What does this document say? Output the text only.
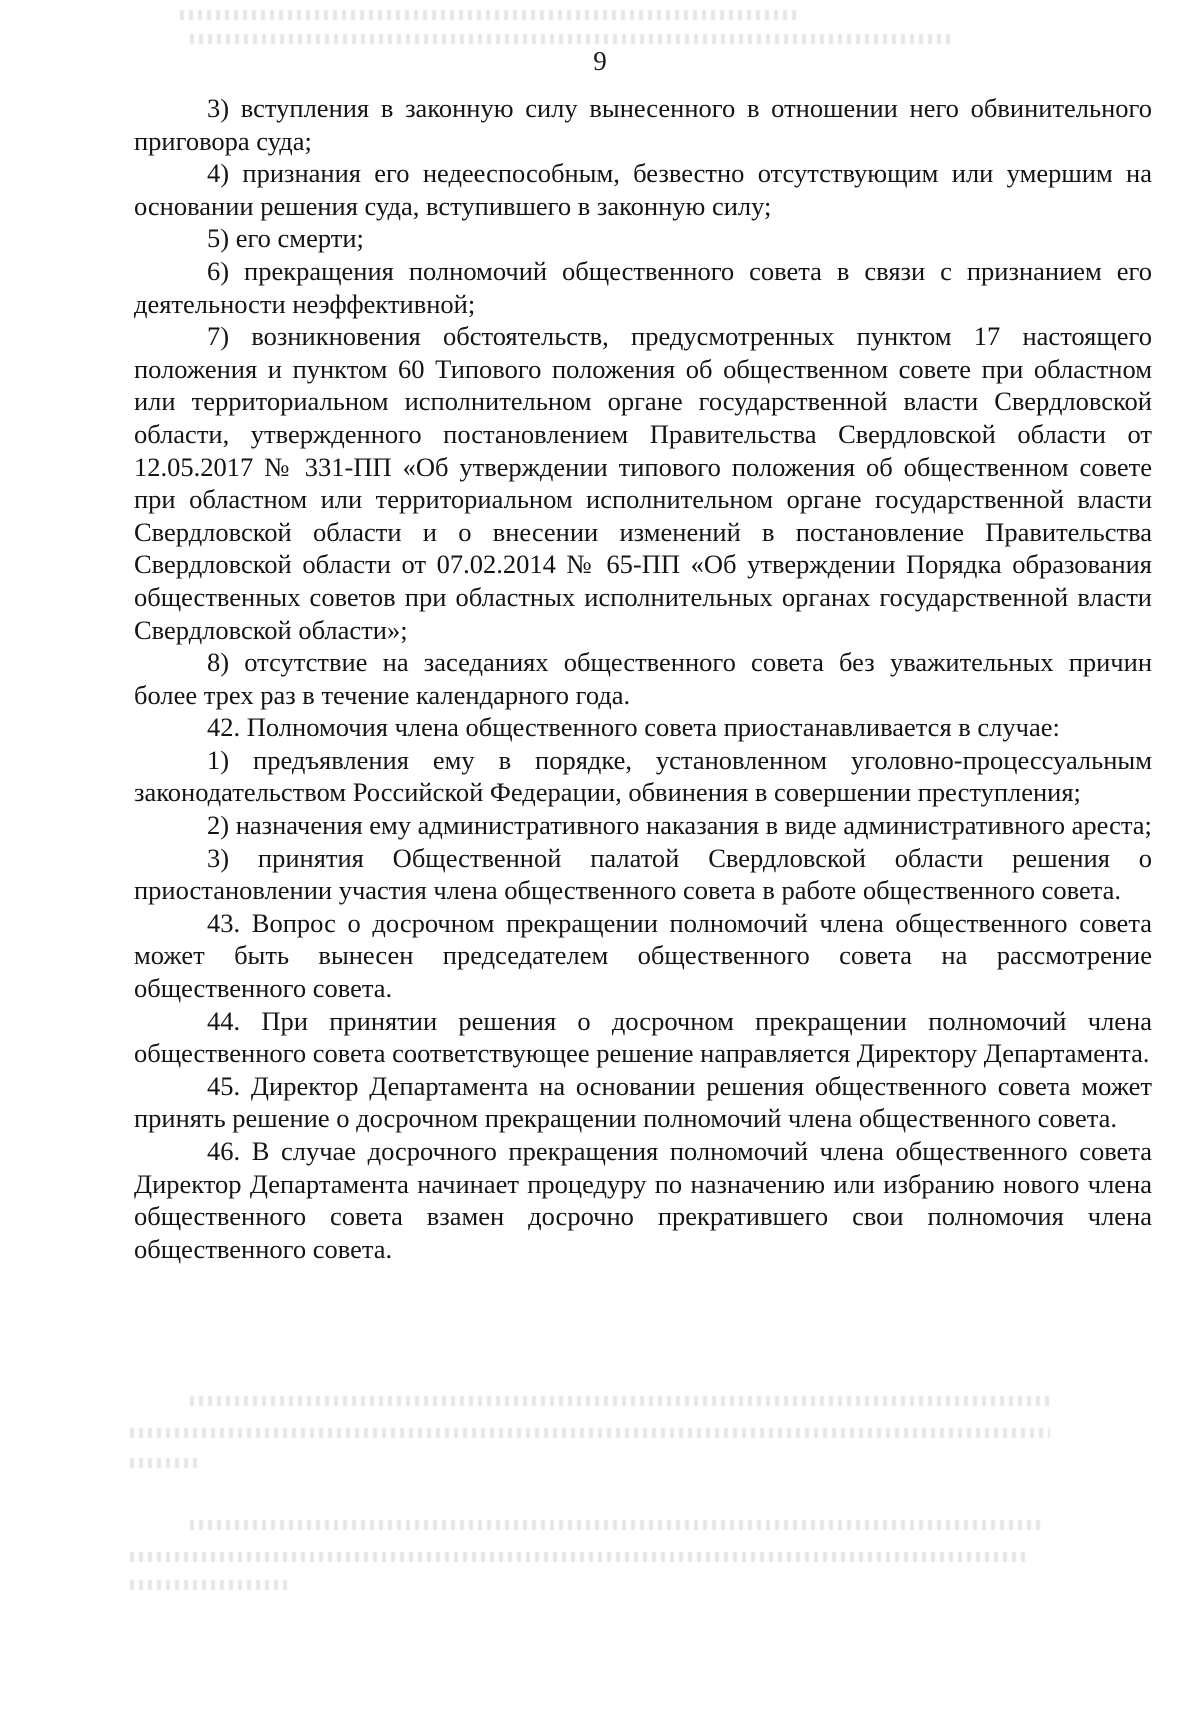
9

3) вступления в законную силу вынесенного в отношении него обвинительного приговора суда;

4) признания его недееспособным, безвестно отсутствующим или умершим на основании решения суда, вступившего в законную силу;

5) его смерти;

6) прекращения полномочий общественного совета в связи с признанием его деятельности неэффективной;

7) возникновения обстоятельств, предусмотренных пунктом 17 настоящего положения и пунктом 60 Типового положения об общественном совете при областном или территориальном исполнительном органе государственной власти Свердловской области, утвержденного постановлением Правительства Свердловской области от 12.05.2017 № 331-ПП «Об утверждении типового положения об общественном совете при областном или территориальном исполнительном органе государственной власти Свердловской области и о внесении изменений в постановление Правительства Свердловской области от 07.02.2014 № 65-ПП «Об утверждении Порядка образования общественных советов при областных исполнительных органах государственной власти Свердловской области»;

8) отсутствие на заседаниях общественного совета без уважительных причин более трех раз в течение календарного года.

42. Полномочия члена общественного совета приостанавливается в случае:

1) предъявления ему в порядке, установленном уголовно-процессуальным законодательством Российской Федерации, обвинения в совершении преступления;

2) назначения ему административного наказания в виде административного ареста;

3) принятия Общественной палатой Свердловской области решения о приостановлении участия члена общественного совета в работе общественного совета.

43. Вопрос о досрочном прекращении полномочий члена общественного совета может быть вынесен председателем общественного совета на рассмотрение общественного совета.

44. При принятии решения о досрочном прекращении полномочий члена общественного совета соответствующее решение направляется Директору Департамента.

45. Директор Департамента на основании решения общественного совета может принять решение о досрочном прекращении полномочий члена общественного совета.

46. В случае досрочного прекращения полномочий члена общественного совета Директор Департамента начинает процедуру по назначению или избранию нового члена общественного совета взамен досрочно прекратившего свои полномочия члена общественного совета.
